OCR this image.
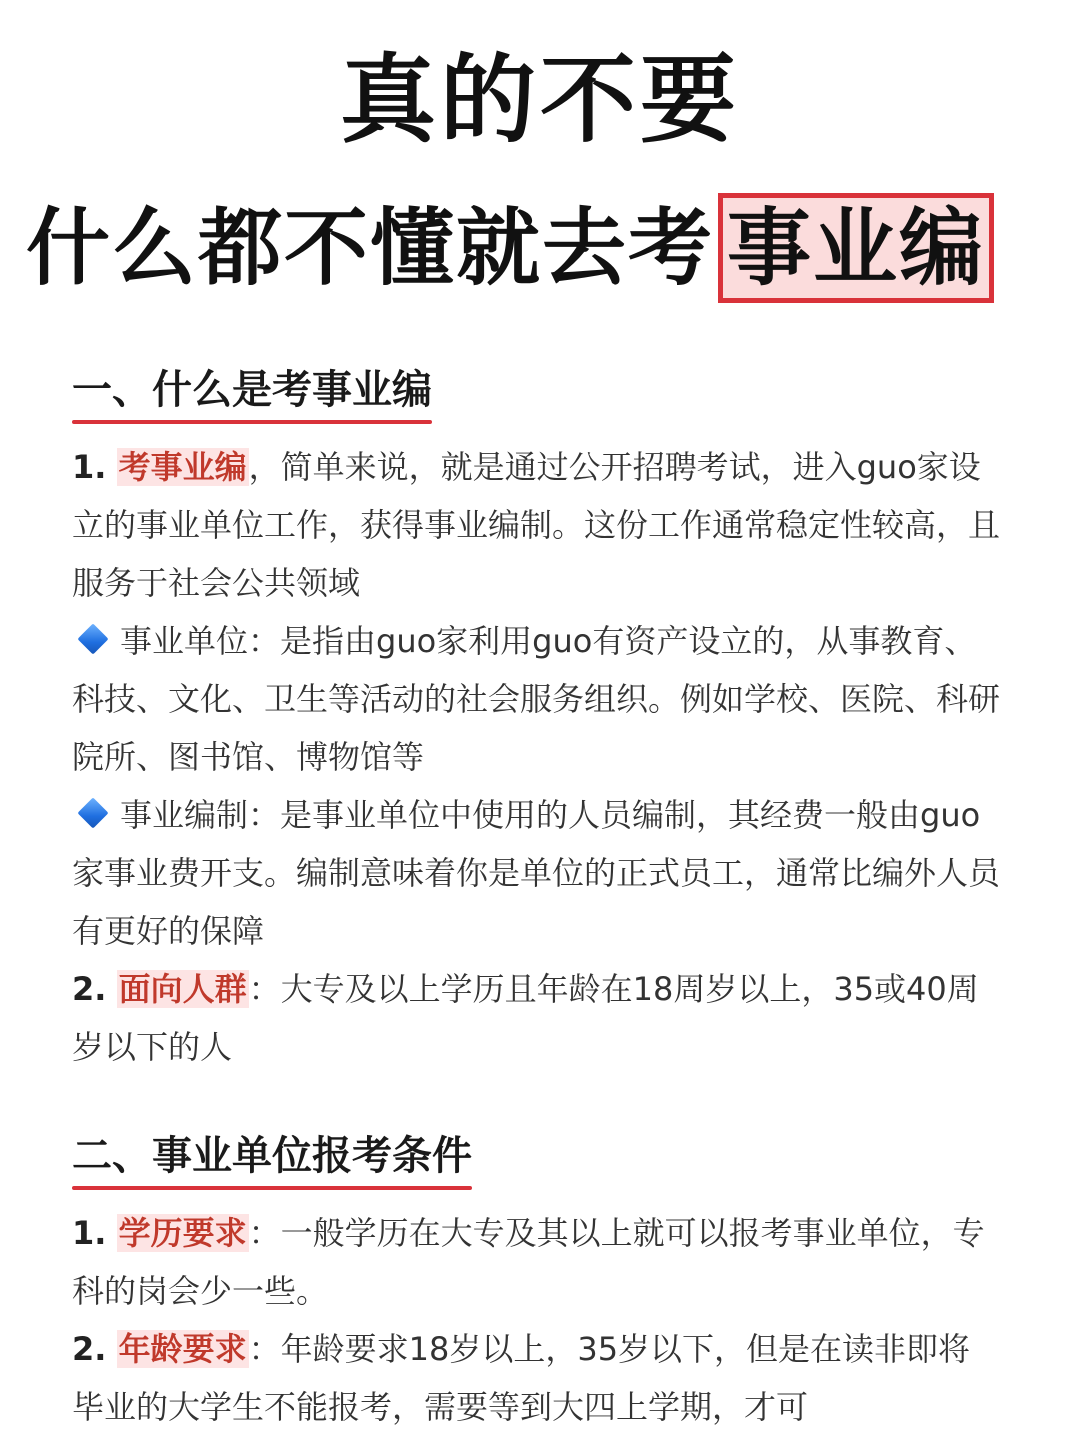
真的不要
什么都不懂就去考 事业编
一、什么是考事业编
1. 考事业编，简单来说，就是通过公开招聘考试，进入guo家设立的事业单位工作，获得事业编制。这份工作通常稳定性较高，且服务于社会公共领域
事业单位：是指由guo家利用guo有资产设立的，从事教育、科技、文化、卫生等活动的社会服务组织。例如学校、医院、科研院所、图书馆、博物馆等
事业编制：是事业单位中使用的人员编制，其经费一般由guo家事业费开支。编制意味着你是单位的正式员工，通常比编外人员有更好的保障
2. 面向人群：大专及以上学历且年龄在18周岁以上，35或40周岁以下的人
二、事业单位报考条件
1. 学历要求：一般学历在大专及其以上就可以报考事业单位，专科的岗会少一些。
2. 年龄要求：年龄要求18岁以上，35岁以下，但是在读非即将毕业的大学生不能报考，需要等到大四上学期，才可
